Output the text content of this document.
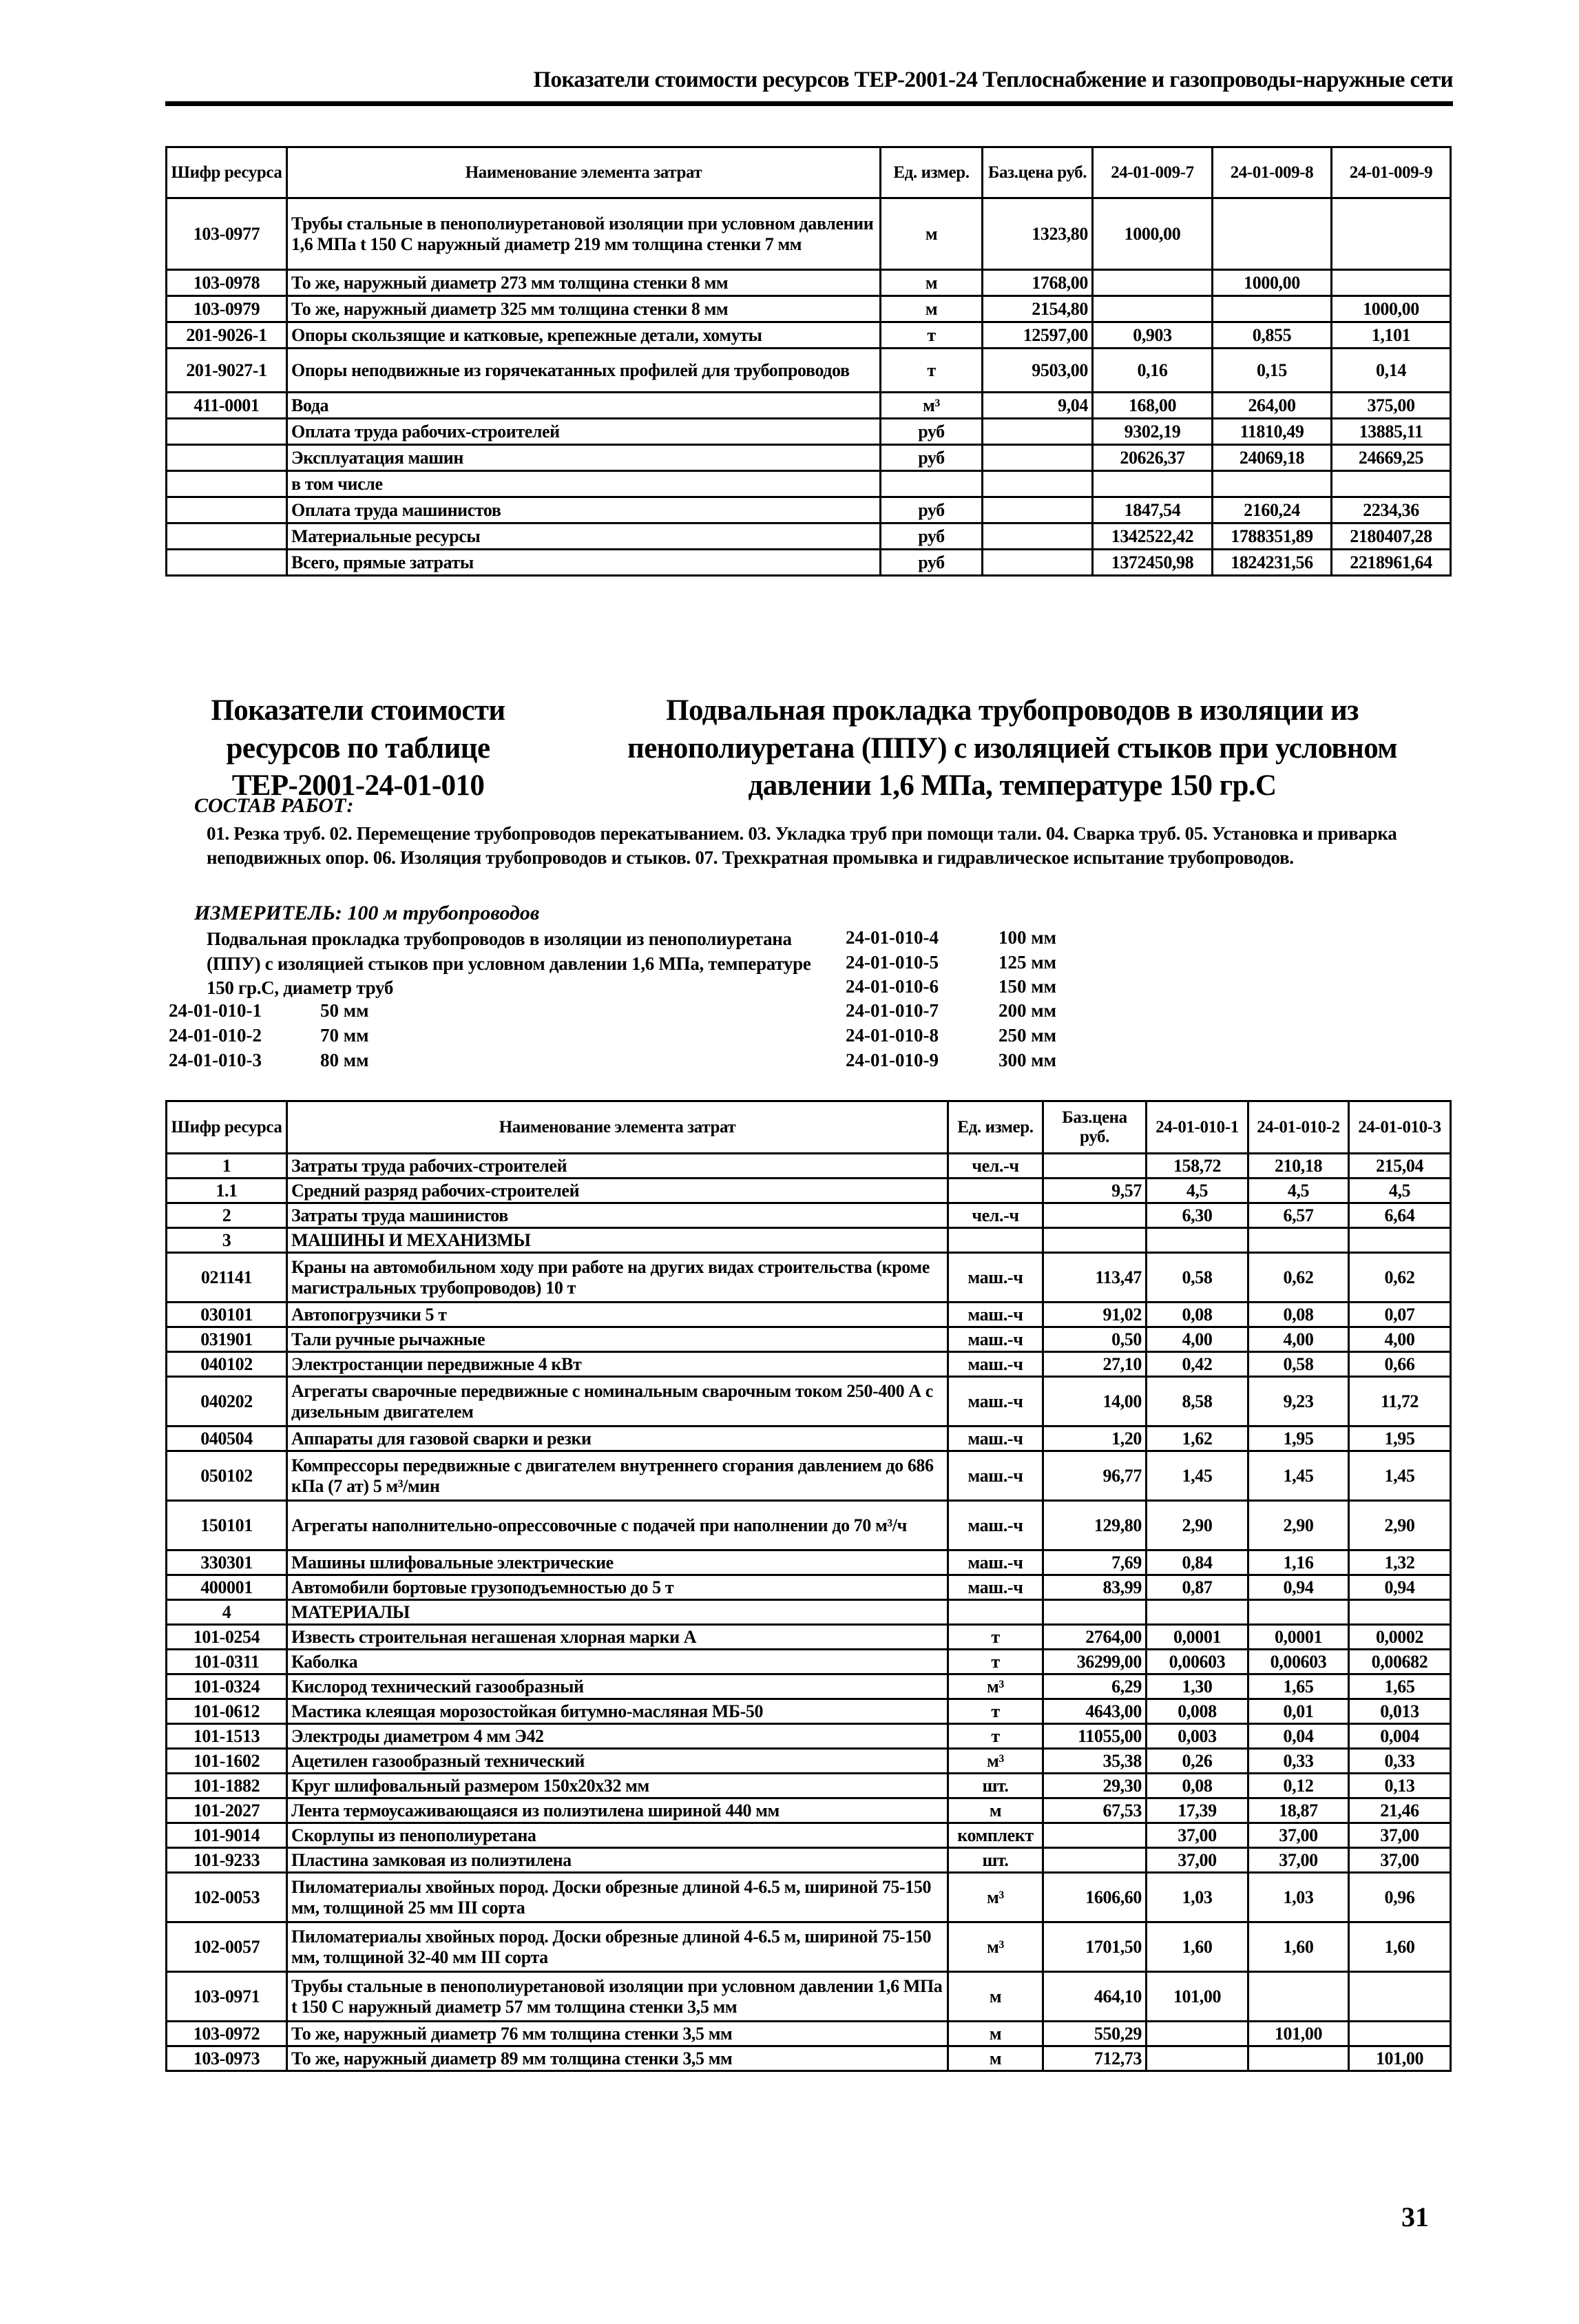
Показатели стоимости ресурсов ТЕР-2001-24 Теплоснабжение и газопроводы-наружные сети
Шифр ресурса	Наименование элемента затрат	Ед. измер.	Баз.цена руб.	24-01-009-7	24-01-009-8	24-01-009-9
103-0977	Трубы стальные в пенополиуретановой изоляции при условном давлении 1,6 МПа t 150 С наружный диаметр 219 мм толщина стенки 7 мм	м	1323,80	1000,00		
103-0978	То же, наружный диаметр 273 мм толщина стенки 8 мм	м	1768,00		1000,00	
103-0979	То же, наружный диаметр 325 мм толщина стенки 8 мм	м	2154,80			1000,00
201-9026-1	Опоры скользящие и катковые, крепежные детали, хомуты	т	12597,00	0,903	0,855	1,101
201-9027-1	Опоры неподвижные из горячекатанных профилей для трубопроводов	т	9503,00	0,16	0,15	0,14
411-0001	Вода	м³	9,04	168,00	264,00	375,00
	Оплата труда рабочих-строителей	руб		9302,19	11810,49	13885,11
	Эксплуатация машин	руб		20626,37	24069,18	24669,25
	в том числе					
	Оплата труда машинистов	руб		1847,54	2160,24	2234,36
	Материальные ресурсы	руб		1342522,42	1788351,89	2180407,28
	Всего, прямые затраты	руб		1372450,98	1824231,56	2218961,64
Показатели стоимости ресурсов по таблице ТЕР-2001-24-01-010
Подвальная прокладка трубопроводов в изоляции из пенополиуретана (ППУ) с изоляцией стыков при условном давлении 1,6 МПа, температуре 150 гр.С
СОСТАВ РАБОТ:
01. Резка труб. 02. Перемещение трубопроводов перекатыванием. 03. Укладка труб при помощи тали. 04. Сварка труб. 05. Установка и приварка неподвижных опор. 06. Изоляция трубопроводов и стыков. 07. Трехкратная промывка и гидравлическое испытание трубопроводов.
ИЗМЕРИТЕЛЬ: 100 м трубопроводов
Подвальная прокладка трубопроводов в изоляции из пенополиуретана (ППУ) с изоляцией стыков при условном давлении 1,6 МПа, температуре 150 гр.С, диаметр труб
24-01-010-1	50 мм
24-01-010-2	70 мм
24-01-010-3	80 мм
24-01-010-4	100 мм
24-01-010-5	125 мм
24-01-010-6	150 мм
24-01-010-7	200 мм
24-01-010-8	250 мм
24-01-010-9	300 мм
Шифр ресурса	Наименование элемента затрат	Ед. измер.	Баз.цена руб.	24-01-010-1	24-01-010-2	24-01-010-3
1	Затраты труда рабочих-строителей	чел.-ч		158,72	210,18	215,04
1.1	Средний разряд рабочих-строителей		9,57	4,5	4,5	4,5
2	Затраты труда машинистов	чел.-ч		6,30	6,57	6,64
3	МАШИНЫ И МЕХАНИЗМЫ					
021141	Краны на автомобильном ходу при работе на других видах строительства (кроме магистральных трубопроводов) 10 т	маш.-ч	113,47	0,58	0,62	0,62
030101	Автопогрузчики 5 т	маш.-ч	91,02	0,08	0,08	0,07
031901	Тали ручные рычажные	маш.-ч	0,50	4,00	4,00	4,00
040102	Электростанции передвижные 4 кВт	маш.-ч	27,10	0,42	0,58	0,66
040202	Агрегаты сварочные передвижные с номинальным сварочным током 250-400 А с дизельным двигателем	маш.-ч	14,00	8,58	9,23	11,72
040504	Аппараты для газовой сварки и резки	маш.-ч	1,20	1,62	1,95	1,95
050102	Компрессоры передвижные с двигателем внутреннего сгорания давлением до 686 кПа (7 ат) 5 м³/мин	маш.-ч	96,77	1,45	1,45	1,45
150101	Агрегаты наполнительно-опрессовочные с подачей при наполнении до 70 м³/ч	маш.-ч	129,80	2,90	2,90	2,90
330301	Машины шлифовальные электрические	маш.-ч	7,69	0,84	1,16	1,32
400001	Автомобили бортовые грузоподъемностью до 5 т	маш.-ч	83,99	0,87	0,94	0,94
4	МАТЕРИАЛЫ					
101-0254	Известь строительная негашеная хлорная марки А	т	2764,00	0,0001	0,0001	0,0002
101-0311	Каболка	т	36299,00	0,00603	0,00603	0,00682
101-0324	Кислород технический газообразный	м³	6,29	1,30	1,65	1,65
101-0612	Мастика клеящая морозостойкая битумно-масляная МБ-50	т	4643,00	0,008	0,01	0,013
101-1513	Электроды диаметром 4 мм Э42	т	11055,00	0,003	0,04	0,004
101-1602	Ацетилен газообразный технический	м³	35,38	0,26	0,33	0,33
101-1882	Круг шлифовальный размером 150х20х32 мм	шт.	29,30	0,08	0,12	0,13
101-2027	Лента термоусаживающаяся из полиэтилена шириной 440 мм	м	67,53	17,39	18,87	21,46
101-9014	Скорлупы из пенополиуретана	комплект		37,00	37,00	37,00
101-9233	Пластина замковая из полиэтилена	шт.		37,00	37,00	37,00
102-0053	Пиломатериалы хвойных пород. Доски обрезные длиной 4-6.5 м, шириной 75-150 мм, толщиной 25 мм III сорта	м³	1606,60	1,03	1,03	0,96
102-0057	Пиломатериалы хвойных пород. Доски обрезные длиной 4-6.5 м, шириной 75-150 мм, толщиной 32-40 мм III сорта	м³	1701,50	1,60	1,60	1,60
103-0971	Трубы стальные в пенополиуретановой изоляции при условном давлении 1,6 МПа t 150 С наружный диаметр 57 мм толщина стенки 3,5 мм	м	464,10	101,00		
103-0972	То же, наружный диаметр 76 мм толщина стенки 3,5 мм	м	550,29		101,00	
103-0973	То же, наружный диаметр 89 мм толщина стенки 3,5 мм	м	712,73			101,00
31
